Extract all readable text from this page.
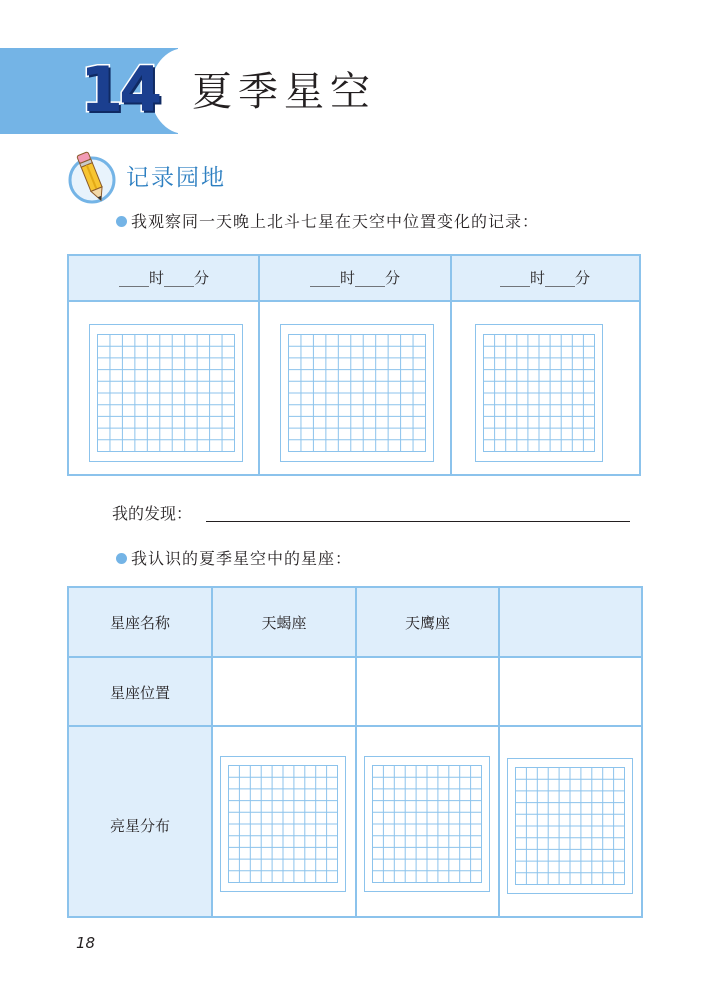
14 夏季星空
记录园地
我观察同一天晚上北斗七星在天空中位置变化的记录：
____时____分	____时____分	____时____分
我的发现：
我认识的夏季星空中的星座：
星座名称	天蝎座	天鹰座
星座位置
亮星分布
18
